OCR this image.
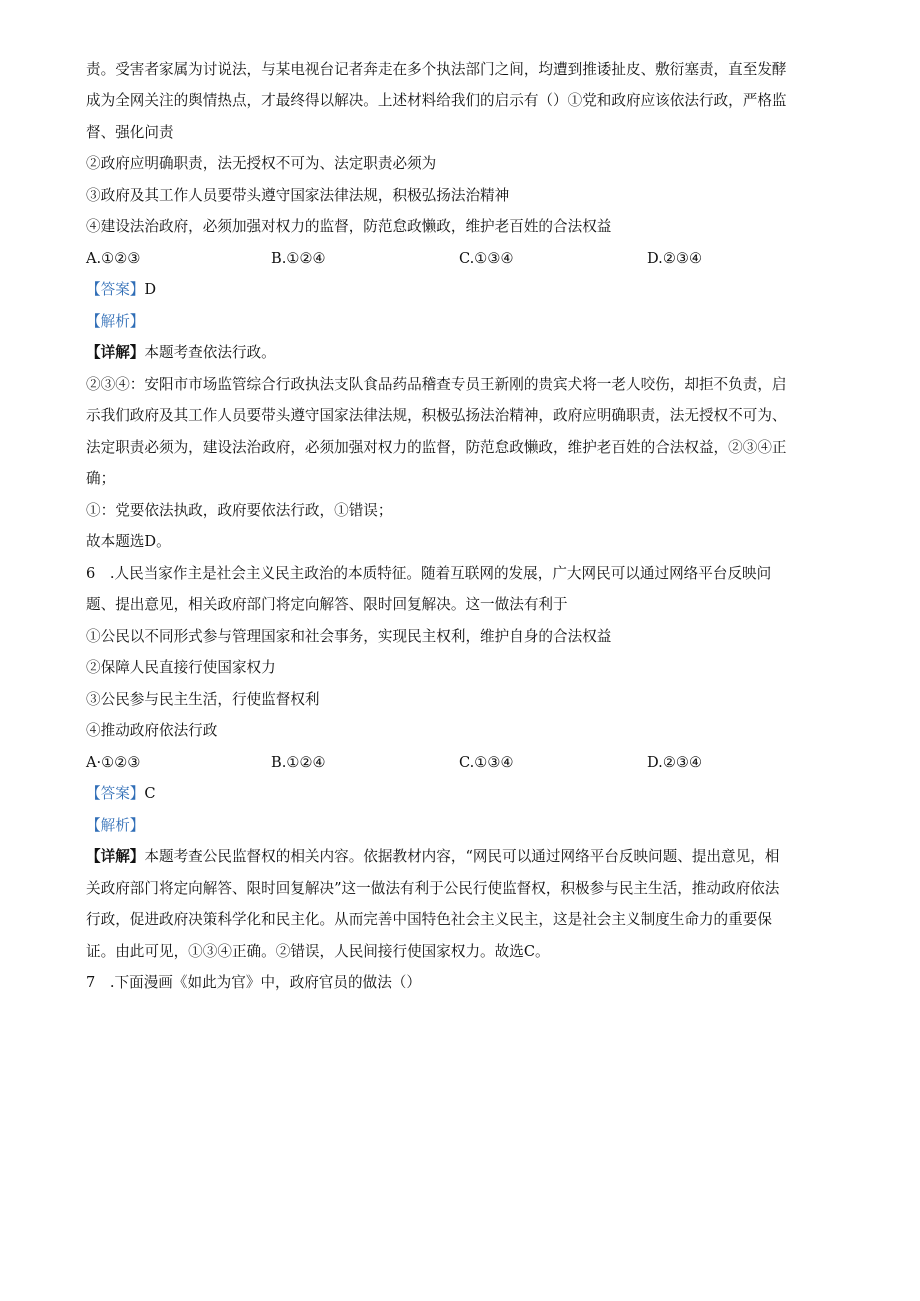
责。受害者家属为讨说法，与某电视台记者奔走在多个执法部门之间，均遭到推诿扯皮、敷衍塞责，直至发酵
成为全网关注的舆情热点，才最终得以解决。上述材料给我们的启示有（）①党和政府应该依法行政，严格监
督、强化问责
②政府应明确职责，法无授权不可为、法定职责必须为
③政府及其工作人员要带头遵守国家法律法规，积极弘扬法治精神
④建设法治政府，必须加强对权力的监督，防范怠政懒政，维护老百姓的合法权益
A.①②③	B.①②④	C.①③④	D.②③④
【答案】D
【解析】
【详解】本题考查依法行政。
②③④：安阳市市场监管综合行政执法支队食品药品稽查专员王新刚的贵宾犬将一老人咬伤，却拒不负责，启
示我们政府及其工作人员要带头遵守国家法律法规，积极弘扬法治精神，政府应明确职责，法无授权不可为、
法定职责必须为，建设法治政府，必须加强对权力的监督，防范怠政懒政，维护老百姓的合法权益，②③④正
确；
①：党要依法执政，政府要依法行政，①错误；
故本题选D。
6　.人民当家作主是社会主义民主政治的本质特征。随着互联网的发展，广大网民可以通过网络平台反映问
题、提出意见，相关政府部门将定向解答、限时回复解决。这一做法有利于
①公民以不同形式参与管理国家和社会事务，实现民主权利，维护自身的合法权益
②保障人民直接行使国家权力
③公民参与民主生活，行使监督权利
④推动政府依法行政
A·①②③	B.①②④	C.①③④	D.②③④
【答案】C
【解析】
【详解】本题考查公民监督权的相关内容。依据教材内容，“网民可以通过网络平台反映问题、提出意见，相
关政府部门将定向解答、限时回复解决”这一做法有利于公民行使监督权，积极参与民主生活，推动政府依法
行政，促进政府决策科学化和民主化。从而完善中国特色社会主义民主，这是社会主义制度生命力的重要保
证。由此可见，①③④正确。②错误，人民间接行使国家权力。故选C。
7　.下面漫画《如此为官》中，政府官员的做法（）
